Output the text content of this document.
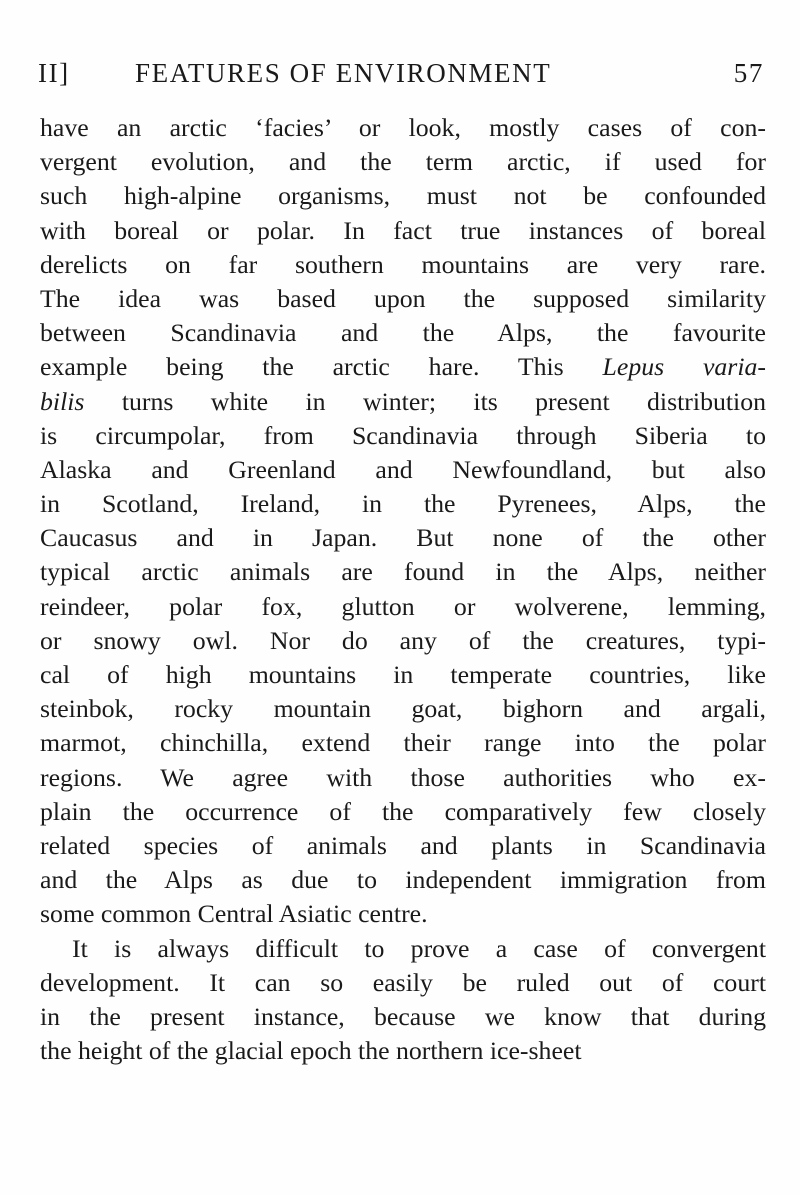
II] FEATURES OF ENVIRONMENT	57
have an arctic ‘facies’ or look, mostly cases of con-
vergent evolution, and the term arctic, if used for
such high-alpine organisms, must not be confounded
with boreal or polar. In fact true instances of boreal
derelicts on far southern mountains are very rare.
The idea was based upon the supposed similarity
between Scandinavia and the Alps, the favourite
example being the arctic hare. This Lepus varia-
bilis turns white in winter; its present distribution
is circumpolar, from Scandinavia through Siberia to
Alaska and Greenland and Newfoundland, but also
in Scotland, Ireland, in the Pyrenees, Alps, the
Caucasus and in Japan. But none of the other
typical arctic animals are found in the Alps, neither
reindeer, polar fox, glutton or wolverene, lemming,
or snowy owl. Nor do any of the creatures, typi-
cal of high mountains in temperate countries, like
steinbok, rocky mountain goat, bighorn and argali,
marmot, chinchilla, extend their range into the polar
regions. We agree with those authorities who ex-
plain the occurrence of the comparatively few closely
related species of animals and plants in Scandinavia
and the Alps as due to independent immigration from
some common Central Asiatic centre.
It is always difficult to prove a case of convergent
development. It can so easily be ruled out of court
in the present instance, because we know that during
the height of the glacial epoch the northern ice-sheet
